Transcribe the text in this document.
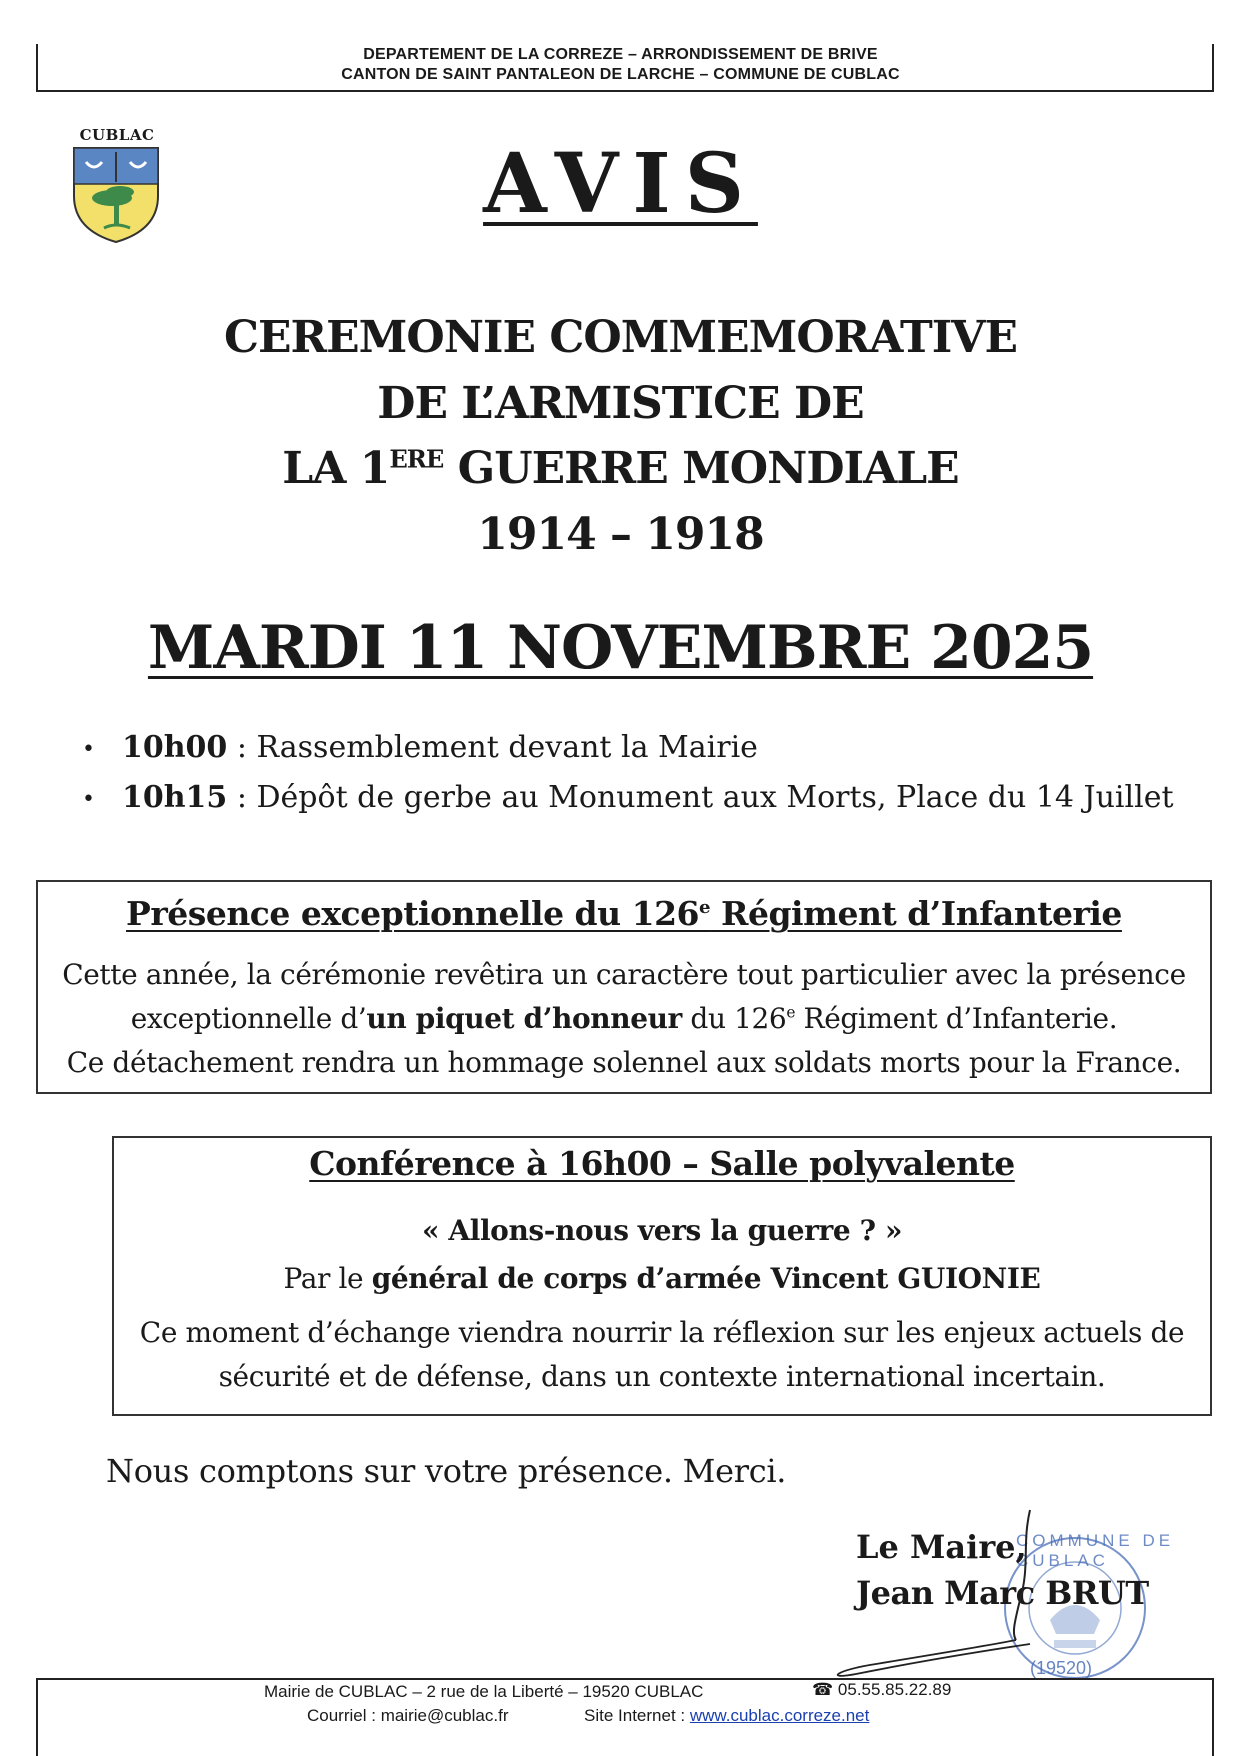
DEPARTEMENT DE LA CORREZE – ARRONDISSEMENT DE BRIVE
CANTON DE SAINT PANTALEON DE LARCHE – COMMUNE DE CUBLAC
CUBLAC
AVIS
CEREMONIE COMMEMORATIVE
DE L’ARMISTICE DE
LA 1ERE GUERRE MONDIALE
1914 – 1918
MARDI 11 NOVEMBRE 2025
• 10h00 : Rassemblement devant la Mairie
• 10h15 : Dépôt de gerbe au Monument aux Morts, Place du 14 Juillet
Présence exceptionnelle du 126e Régiment d’Infanterie
Cette année, la cérémonie revêtira un caractère tout particulier avec la présence
exceptionnelle d’un piquet d’honneur du 126e Régiment d’Infanterie.
Ce détachement rendra un hommage solennel aux soldats morts pour la France.
Conférence à 16h00 – Salle polyvalente
« Allons-nous vers la guerre ? »
Par le général de corps d’armée Vincent GUIONIE
Ce moment d’échange viendra nourrir la réflexion sur les enjeux actuels de
sécurité et de défense, dans un contexte international incertain.
Nous comptons sur votre présence. Merci.
COMMUNE DE CUBLAC
(19520)
Le Maire,
Jean Marc BRUT
Mairie de CUBLAC – 2 rue de la Liberté – 19520 CUBLAC	☎ 05.55.85.22.89
Courriel : mairie@cublac.fr	Site Internet : www.cublac.correze.net
